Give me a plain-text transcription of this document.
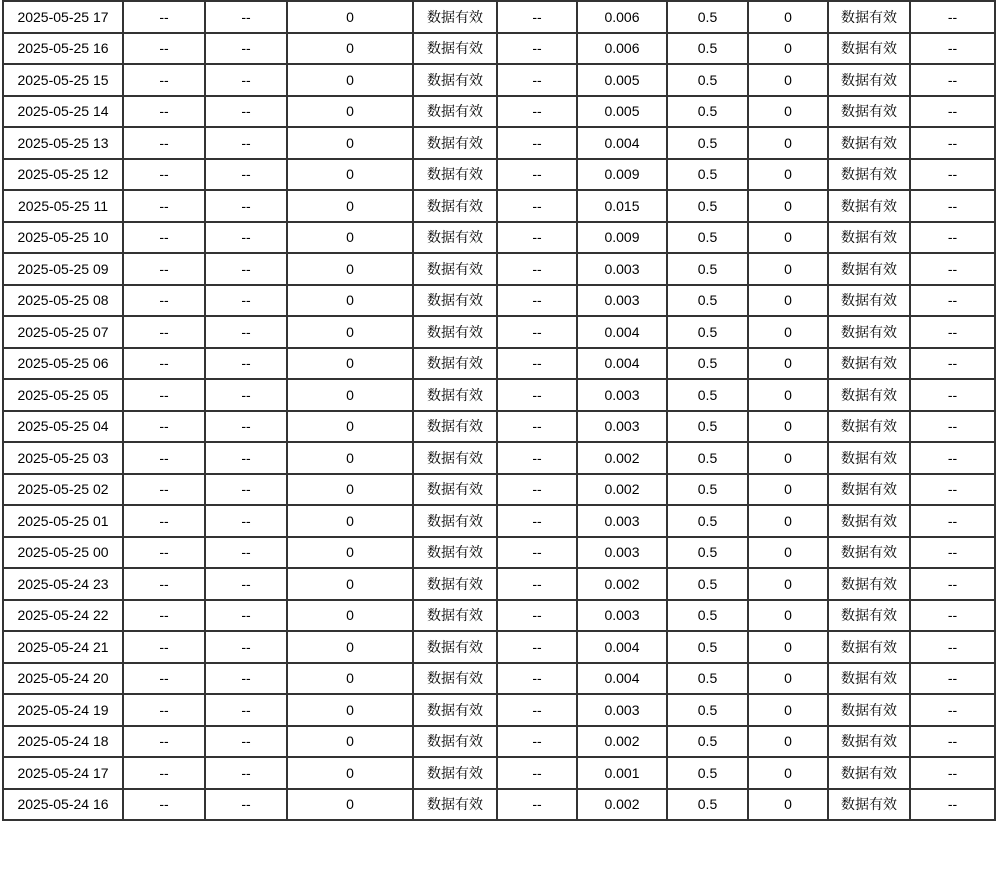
2025-05-25 17	--	--	0	数据有效	--	0.006	0.5	0	数据有效	--
2025-05-25 16	--	--	0	数据有效	--	0.006	0.5	0	数据有效	--
2025-05-25 15	--	--	0	数据有效	--	0.005	0.5	0	数据有效	--
2025-05-25 14	--	--	0	数据有效	--	0.005	0.5	0	数据有效	--
2025-05-25 13	--	--	0	数据有效	--	0.004	0.5	0	数据有效	--
2025-05-25 12	--	--	0	数据有效	--	0.009	0.5	0	数据有效	--
2025-05-25 11	--	--	0	数据有效	--	0.015	0.5	0	数据有效	--
2025-05-25 10	--	--	0	数据有效	--	0.009	0.5	0	数据有效	--
2025-05-25 09	--	--	0	数据有效	--	0.003	0.5	0	数据有效	--
2025-05-25 08	--	--	0	数据有效	--	0.003	0.5	0	数据有效	--
2025-05-25 07	--	--	0	数据有效	--	0.004	0.5	0	数据有效	--
2025-05-25 06	--	--	0	数据有效	--	0.004	0.5	0	数据有效	--
2025-05-25 05	--	--	0	数据有效	--	0.003	0.5	0	数据有效	--
2025-05-25 04	--	--	0	数据有效	--	0.003	0.5	0	数据有效	--
2025-05-25 03	--	--	0	数据有效	--	0.002	0.5	0	数据有效	--
2025-05-25 02	--	--	0	数据有效	--	0.002	0.5	0	数据有效	--
2025-05-25 01	--	--	0	数据有效	--	0.003	0.5	0	数据有效	--
2025-05-25 00	--	--	0	数据有效	--	0.003	0.5	0	数据有效	--
2025-05-24 23	--	--	0	数据有效	--	0.002	0.5	0	数据有效	--
2025-05-24 22	--	--	0	数据有效	--	0.003	0.5	0	数据有效	--
2025-05-24 21	--	--	0	数据有效	--	0.004	0.5	0	数据有效	--
2025-05-24 20	--	--	0	数据有效	--	0.004	0.5	0	数据有效	--
2025-05-24 19	--	--	0	数据有效	--	0.003	0.5	0	数据有效	--
2025-05-24 18	--	--	0	数据有效	--	0.002	0.5	0	数据有效	--
2025-05-24 17	--	--	0	数据有效	--	0.001	0.5	0	数据有效	--
2025-05-24 16	--	--	0	数据有效	--	0.002	0.5	0	数据有效	--
